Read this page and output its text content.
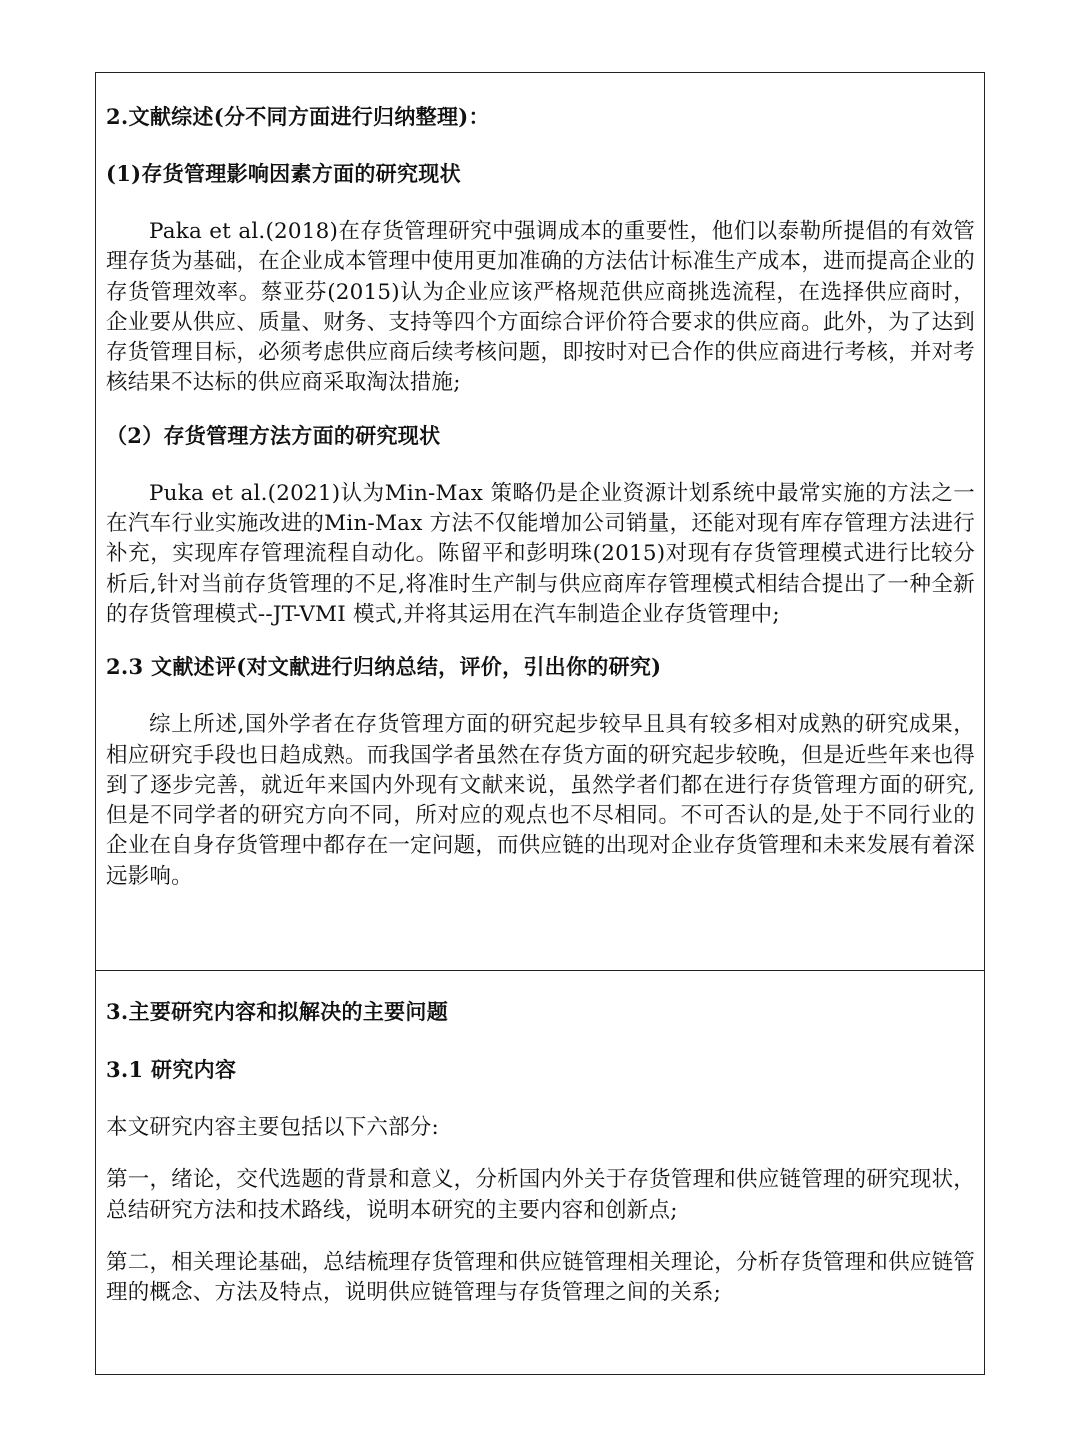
2.文献综述(分不同方面进行归纳整理)：

(1)存货管理影响因素方面的研究现状

Paka et al.(2018)在存货管理研究中强调成本的重要性，他们以泰勒所提倡的有效管理存货为基础，在企业成本管理中使用更加准确的方法估计标准生产成本，进而提高企业的存货管理效率。蔡亚芬(2015)认为企业应该严格规范供应商挑选流程，在选择供应商时， 企业要从供应、质量、财务、支持等四个方面综合评价符合要求的供应商。此外，为了达到存货管理目标，必须考虑供应商后续考核问题，即按时对已合作的供应商进行考核，并对考核结果不达标的供应商采取淘汰措施;

（2）存货管理方法方面的研究现状

Puka et al.(2021)认为Min-Max 策略仍是企业资源计划系统中最常实施的方法之一在汽车行业实施改进的Min-Max 方法不仅能增加公司销量，还能对现有库存管理方法进行补充，实现库存管理流程自动化。陈留平和彭明珠(2015)对现有存货管理模式进行比较分析后,针对当前存货管理的不足,将准时生产制与供应商库存管理模式相结合提出了一种全新的存货管理模式--JT-VMI 模式,并将其运用在汽车制造企业存货管理中;

2.3 文献述评(对文献进行归纳总结，评价，引出你的研究)

综上所述,国外学者在存货管理方面的研究起步较早且具有较多相对成熟的研究成果，相应研究手段也日趋成熟。而我国学者虽然在存货方面的研究起步较晚，但是近些年来也得到了逐步完善，就近年来国内外现有文献来说，虽然学者们都在进行存货管理方面的研究,但是不同学者的研究方向不同，所对应的观点也不尽相同。不可否认的是,处于不同行业的企业在自身存货管理中都存在一定问题，而供应链的出现对企业存货管理和未来发展有着深远影响。

3.主要研究内容和拟解决的主要问题

3.1 研究内容

本文研究内容主要包括以下六部分:

第一，绪论，交代选题的背景和意义，分析国内外关于存货管理和供应链管理的研究现状，总结研究方法和技术路线，说明本研究的主要内容和创新点;

第二，相关理论基础，总结梳理存货管理和供应链管理相关理论，分析存货管理和供应链管理的概念、方法及特点，说明供应链管理与存货管理之间的关系;
